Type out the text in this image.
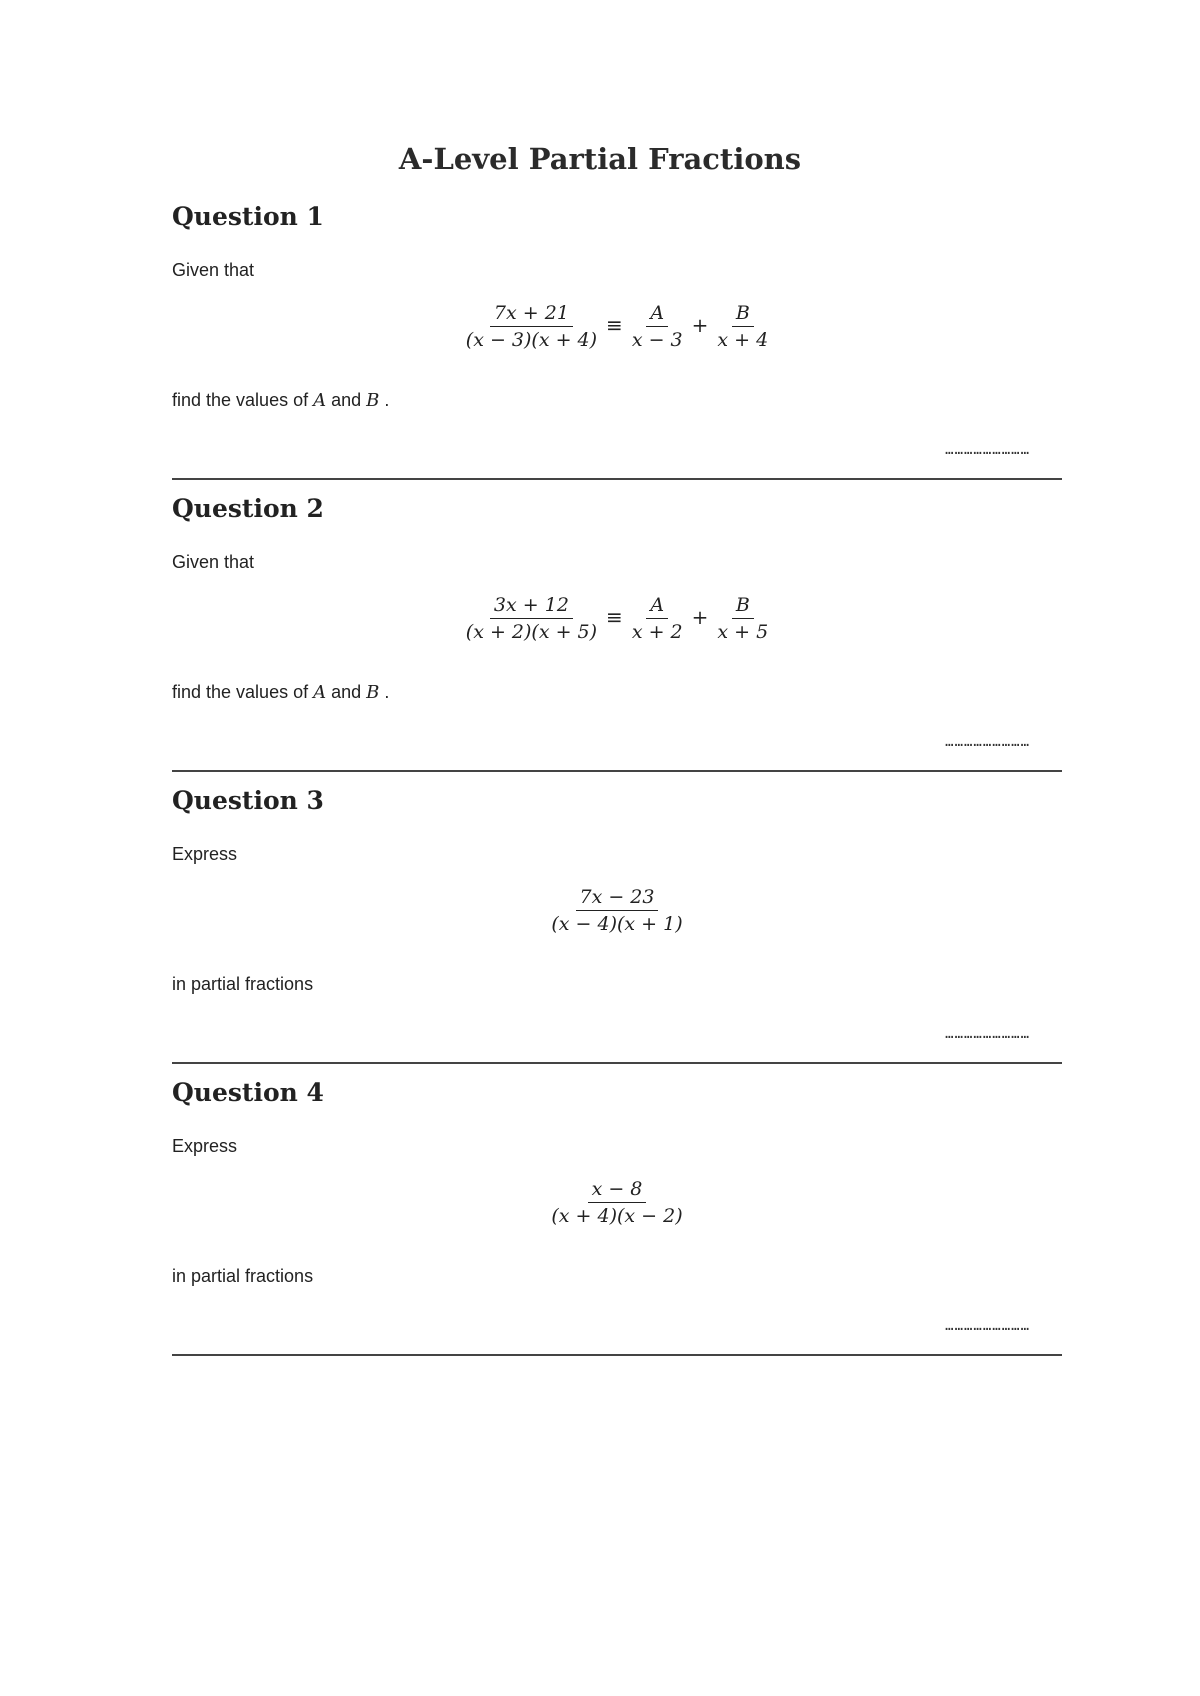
A-Level Partial Fractions
Question 1
Given that
$\frac{7x + 21}{(x - 3)(x + 4)} \equiv \frac{A}{x - 3} + \frac{B}{x + 4}$
find the values of A and B .
………………………
Question 2
Given that
$\frac{3x + 12}{(x + 2)(x + 5)} \equiv \frac{A}{x + 2} + \frac{B}{x + 5}$
find the values of A and B .
………………………
Question 3
Express
$\frac{7x - 23}{(x - 4)(x + 1)}$
in partial fractions
………………………
Question 4
Express
$\frac{x - 8}{(x + 4)(x - 2)}$
in partial fractions
………………………
